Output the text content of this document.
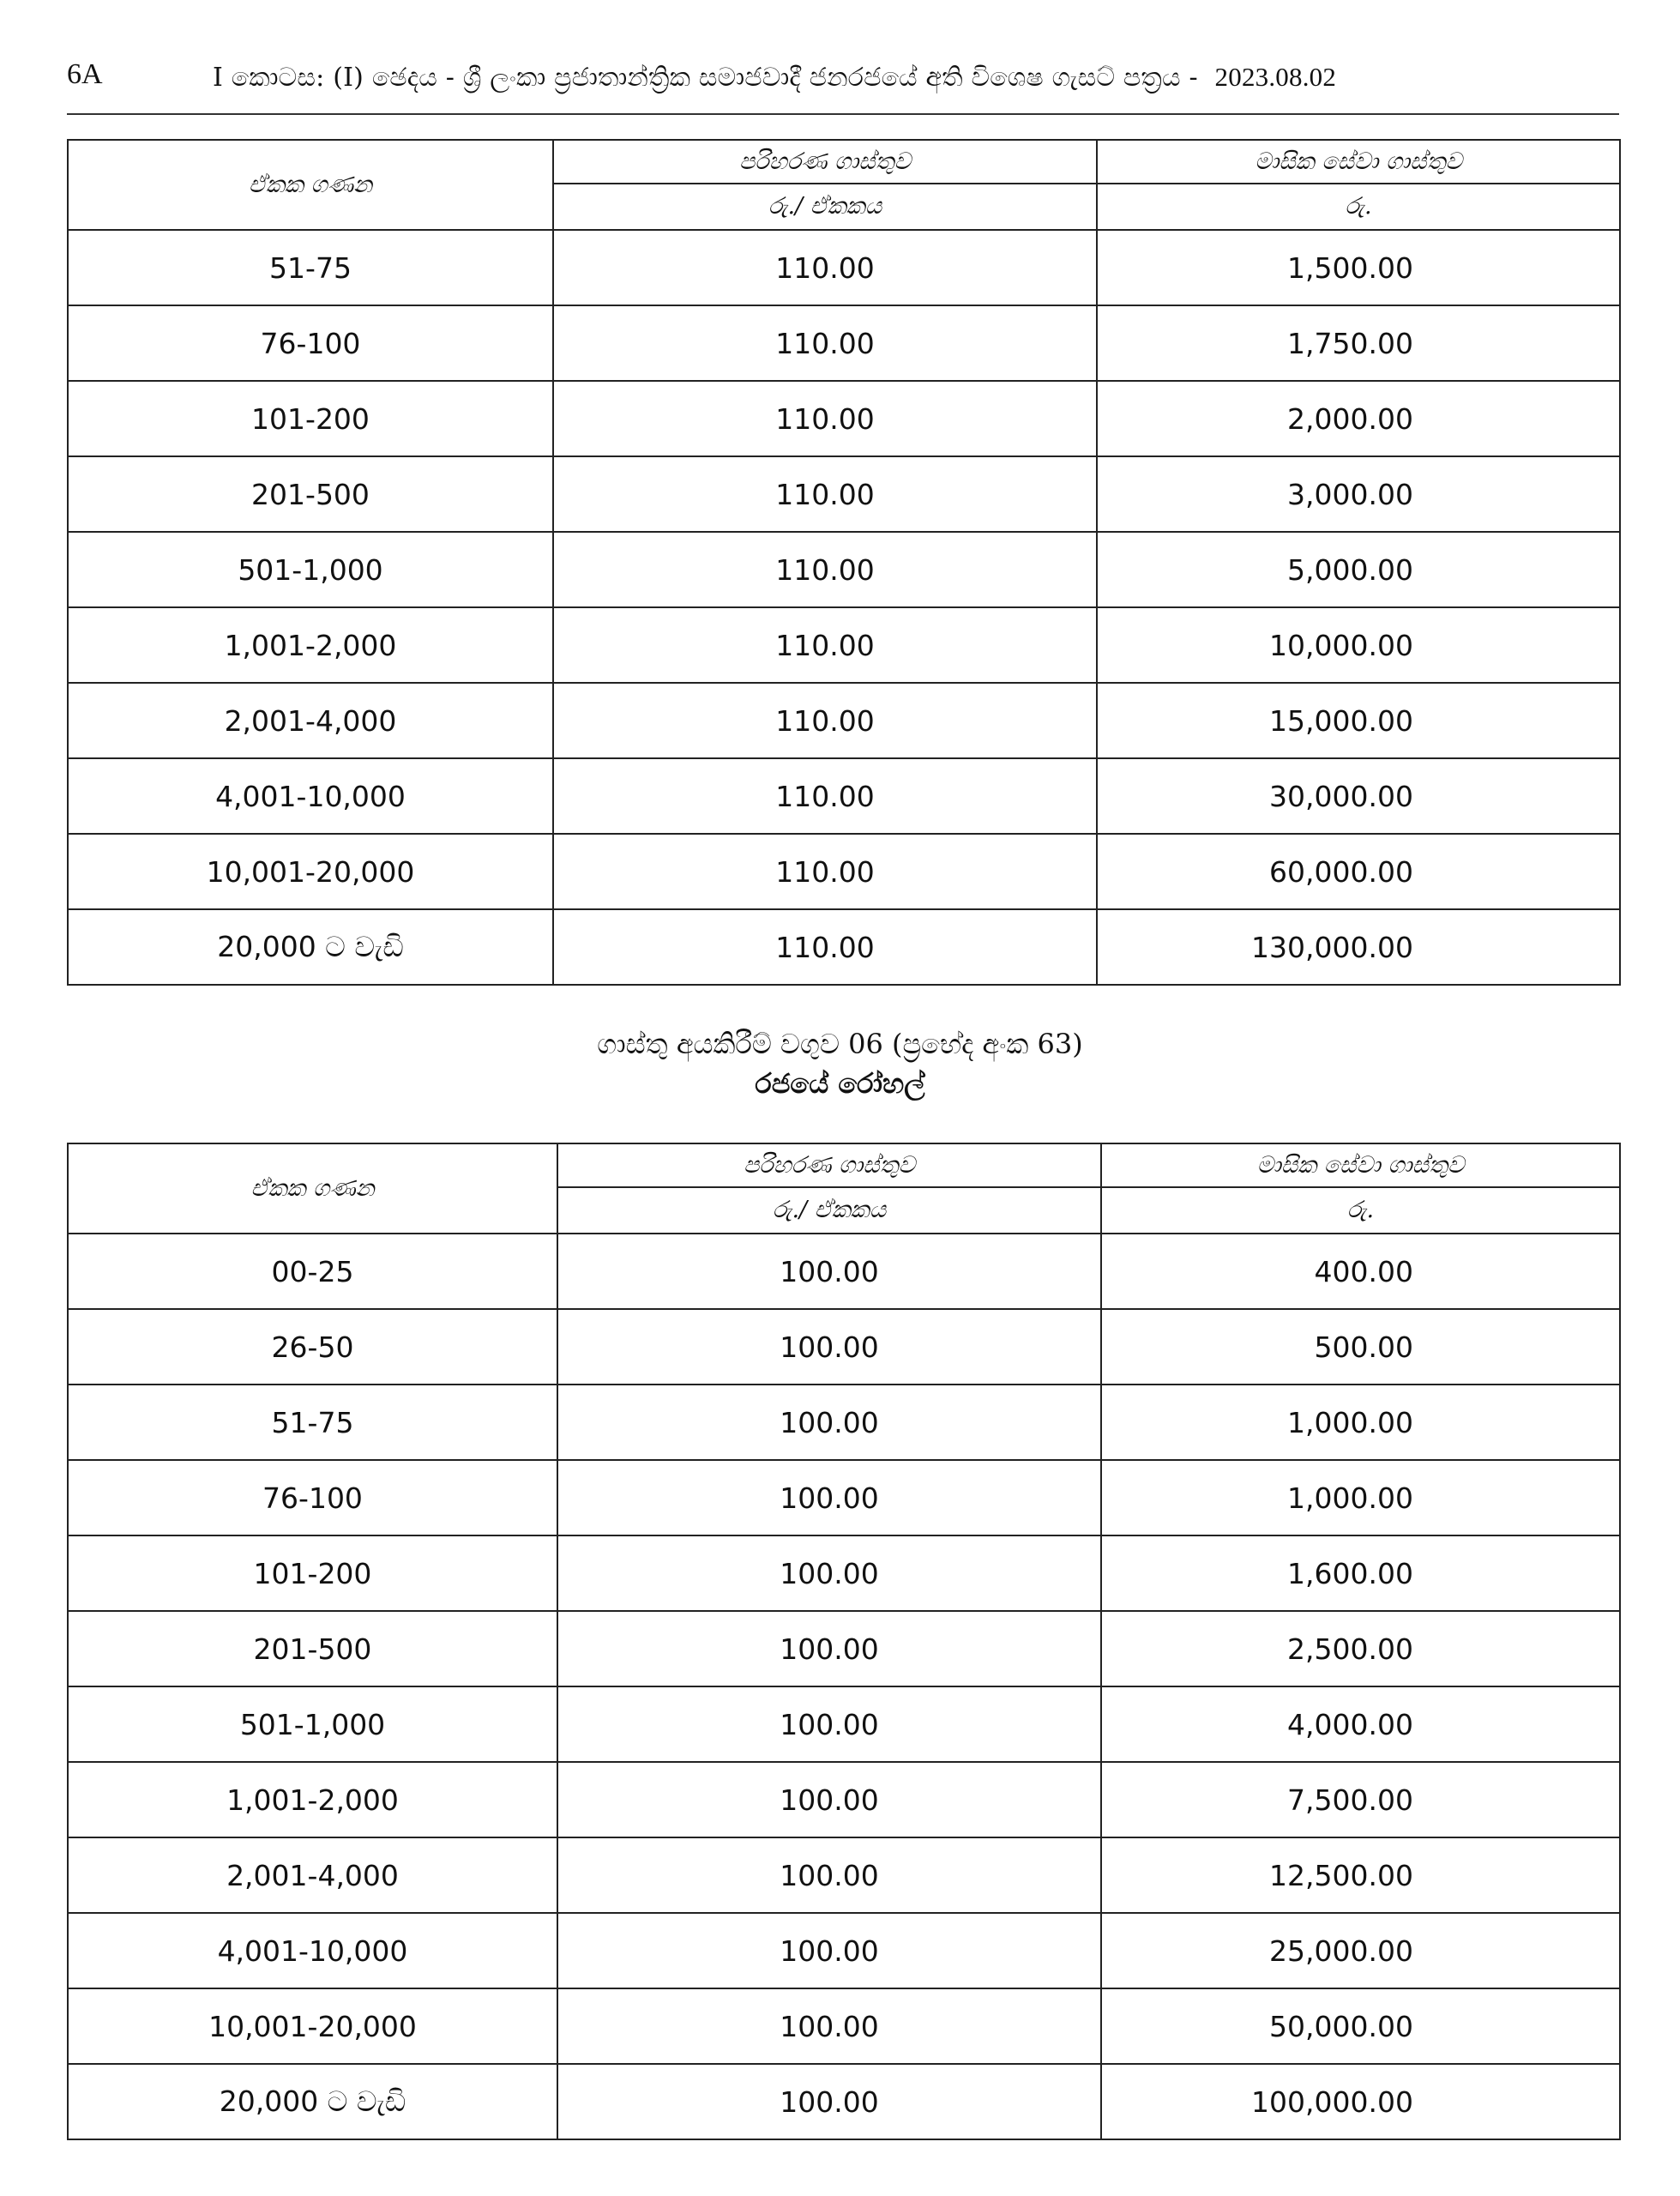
6A	I කොටස: (I) ඡෙදය - ශ්‍රී ලංකා ප්‍රජාතාන්ත්‍රික සමාජවාදී ජනරජයේ අති විශෙෂ ගැසට් පත්‍රය - 2023.08.02
ඒකක ගණන	පරිහරණ ගාස්තුව	මාසික සේවා ගාස්තුව
	රු./ ඒකකය	රු.
51-75	110.00	1,500.00
76-100	110.00	1,750.00
101-200	110.00	2,000.00
201-500	110.00	3,000.00
501-1,000	110.00	5,000.00
1,001-2,000	110.00	10,000.00
2,001-4,000	110.00	15,000.00
4,001-10,000	110.00	30,000.00
10,001-20,000	110.00	60,000.00
20,000 ට වැඩි	110.00	130,000.00
ගාස්තු අයකිරීම් වගුව 06 (ප්‍රභේද අංක 63)
රජයේ රෝහල්
ඒකක ගණන	පරිහරණ ගාස්තුව	මාසික සේවා ගාස්තුව
	රු./ ඒකකය	රු.
00-25	100.00	400.00
26-50	100.00	500.00
51-75	100.00	1,000.00
76-100	100.00	1,000.00
101-200	100.00	1,600.00
201-500	100.00	2,500.00
501-1,000	100.00	4,000.00
1,001-2,000	100.00	7,500.00
2,001-4,000	100.00	12,500.00
4,001-10,000	100.00	25,000.00
10,001-20,000	100.00	50,000.00
20,000 ට වැඩි	100.00	100,000.00
